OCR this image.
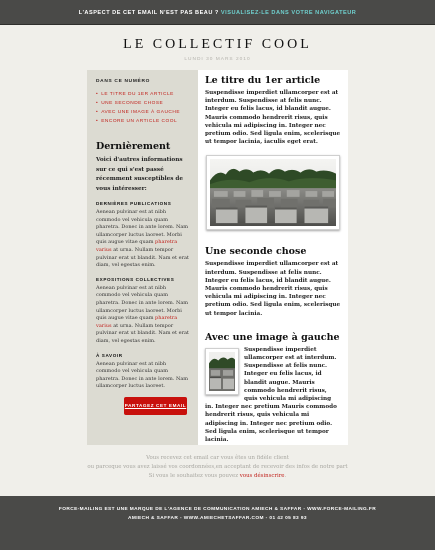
L'ASPECT DE CET EMAIL N'EST PAS BEAU ? VISUALISEZ-LE DANS VOTRE NAVIGATEUR
LE COLLECTIF COOL
LUNDI 30 MARS 2010
DANS CE NUMÉRO
• LE TITRE DU 1ER ARTICLE
• UNE SECONDE CHOSE
• AVEC UNE IMAGE À GAUCHE
• ENCORE UN ARTICLE COOL
Dernièrement

Voici d'autres informations sur ce qui s'est passé récemment susceptibles de vous intéresser:

DERNIÈRES PUBLICATIONS

Aenean pulvinar est at nibh commodo vel vehicula quam pharetra. Donec in ante lorem. Nam ullamcorper luctus laoreet. Morbi quis augue vitae quam pharetra varius at urna. Nullam tempor pulvinar erat ut blandit. Nam et erat diam, vel egestas enim.

EXPOSITIONS COLLECTIVES

Aenean pulvinar est at nibh commodo vel vehicula quam pharetra. Donec in ante lorem. Nam ullamcorper luctus laoreet. Morbi quis augue vitae quam pharetra varius at urna. Nullam tempor pulvinar erat ut blandit. Nam et erat diam, vel egestas enim.

À SAVOIR

Aenean pulvinar est at nibh commodo vel vehicula quam pharetra. Donec in ante lorem. Nam ullamcorper luctus laoreet.

PARTAGEZ CET EMAIL
Le titre du 1er article

Suspendisse imperdiet ullamcorper est at interdum. Suspendisse at felis nunc. Integer eu felis lacus, id blandit augue. Mauris commodo hendrerit risus, quis vehicula mi adipiscing in. Integer nec pretium odio. Sed ligula enim, scelerisque ut tempor lacinia, iaculis eget erat.

Une seconde chose

Suspendisse imperdiet ullamcorper est at interdum. Suspendisse at felis nunc. Integer eu felis lacus, id blandit augue. Mauris commodo hendrerit risus, quis vehicula mi adipiscing in. Integer nec pretium odio. Sed ligula enim, scelerisque ut tempor lacinia.

Avec une image à gauche

Suspendisse imperdiet ullamcorper est at interdum. Suspendisse at felis nunc. Integer eu felis lacus, id blandit augue. Mauris commodo hendrerit risus, quis vehicula mi adipiscing in. Integer nec pretium Mauris commodo hendrerit risus, quis vehicula mi adipiscing in. Integer nec pretium odio. Sed ligula enim, scelerisque ut tempor lacinia.

Vous recevez cet email car vous êtes un fidèle client
ou parceque vous avez laissé vos coordonnées,en acceptant de recevoir des infos de notre part
Si vous le souhaitez vous pouvez vous désinscrire.
FORCE-MAILING EST UNE MARQUE DE L'AGENCE DE COMMUNICATION AMIECH & SAFFAR - WWW.FORCE-MAILING.FR
AMIECH & SAFFAR - WWW.AMIECHETSAFFAR.COM - 01 42 05 83 93
